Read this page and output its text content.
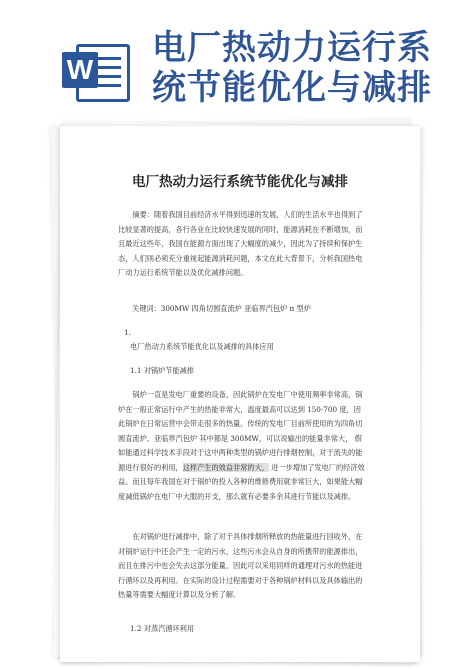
W
电厂热动力运行系
统节能优化与减排
电厂热动力运行系统节能优化与减排
摘要：随着我国目前经济水平得到迅速的发展，人们的生活水平也得到了比较显著的提高，各行各业在比较快速发展的同时，能源消耗在不断增加，而且最近这些年，我国在能源方面出现了大幅度的减少，因此为了持续和保护生态，人们则必须充分重视起能源消耗问题，本文在此大背景下，分析我国热电厂动力运行系统节能以及优化减排问题。
关键词：300MW 四角切圆直流炉 亚临界汽包炉 π 型炉
1.
电厂热动力系统节能优化以及减排的具体应用
1.1 对锅炉节能减排
锅炉一直是发电厂重要的设备，因此锅炉在发电厂中使用频率非常高，锅炉在一般正常运行中产生的热能非常大，温度最高可以达到 150-700 度，因此锅炉在日常运营中会带走很多的热量。传统的发电厂目前所使用的为四角切圆直流炉、亚临界汽包炉 其中都是 300MW，可以说输出的能量非常大， 假如能通过科学技术手段对于这中两种类型的锅炉进行排烟控制，对于流失的能源进行很好的利用，这样产生的效益非常的大， 进一步增加了发电厂的经济效益。而且每年我国在对于锅炉的投入各种的维修费用就非常巨大，如果能大幅度减低锅炉在电厂中大服的开支，那么就有必要多余其进行节能以及减排。
在对锅炉进行减排中，除了对于具体排烟所释放的热能量进行回收外，在对锅炉运行中还会产生一定的污水，这些污水会从自身的所携带的能源排出，而且在排污中也会失去这部分能量，因此可以采用同样的通理对污水的热能进行循环以及再利用。在实际的设计过程需要对于各种锅炉材料以及具体输出的热量等需要大幅度计算以及分析了解。
1.2 对蒸汽循环利用
